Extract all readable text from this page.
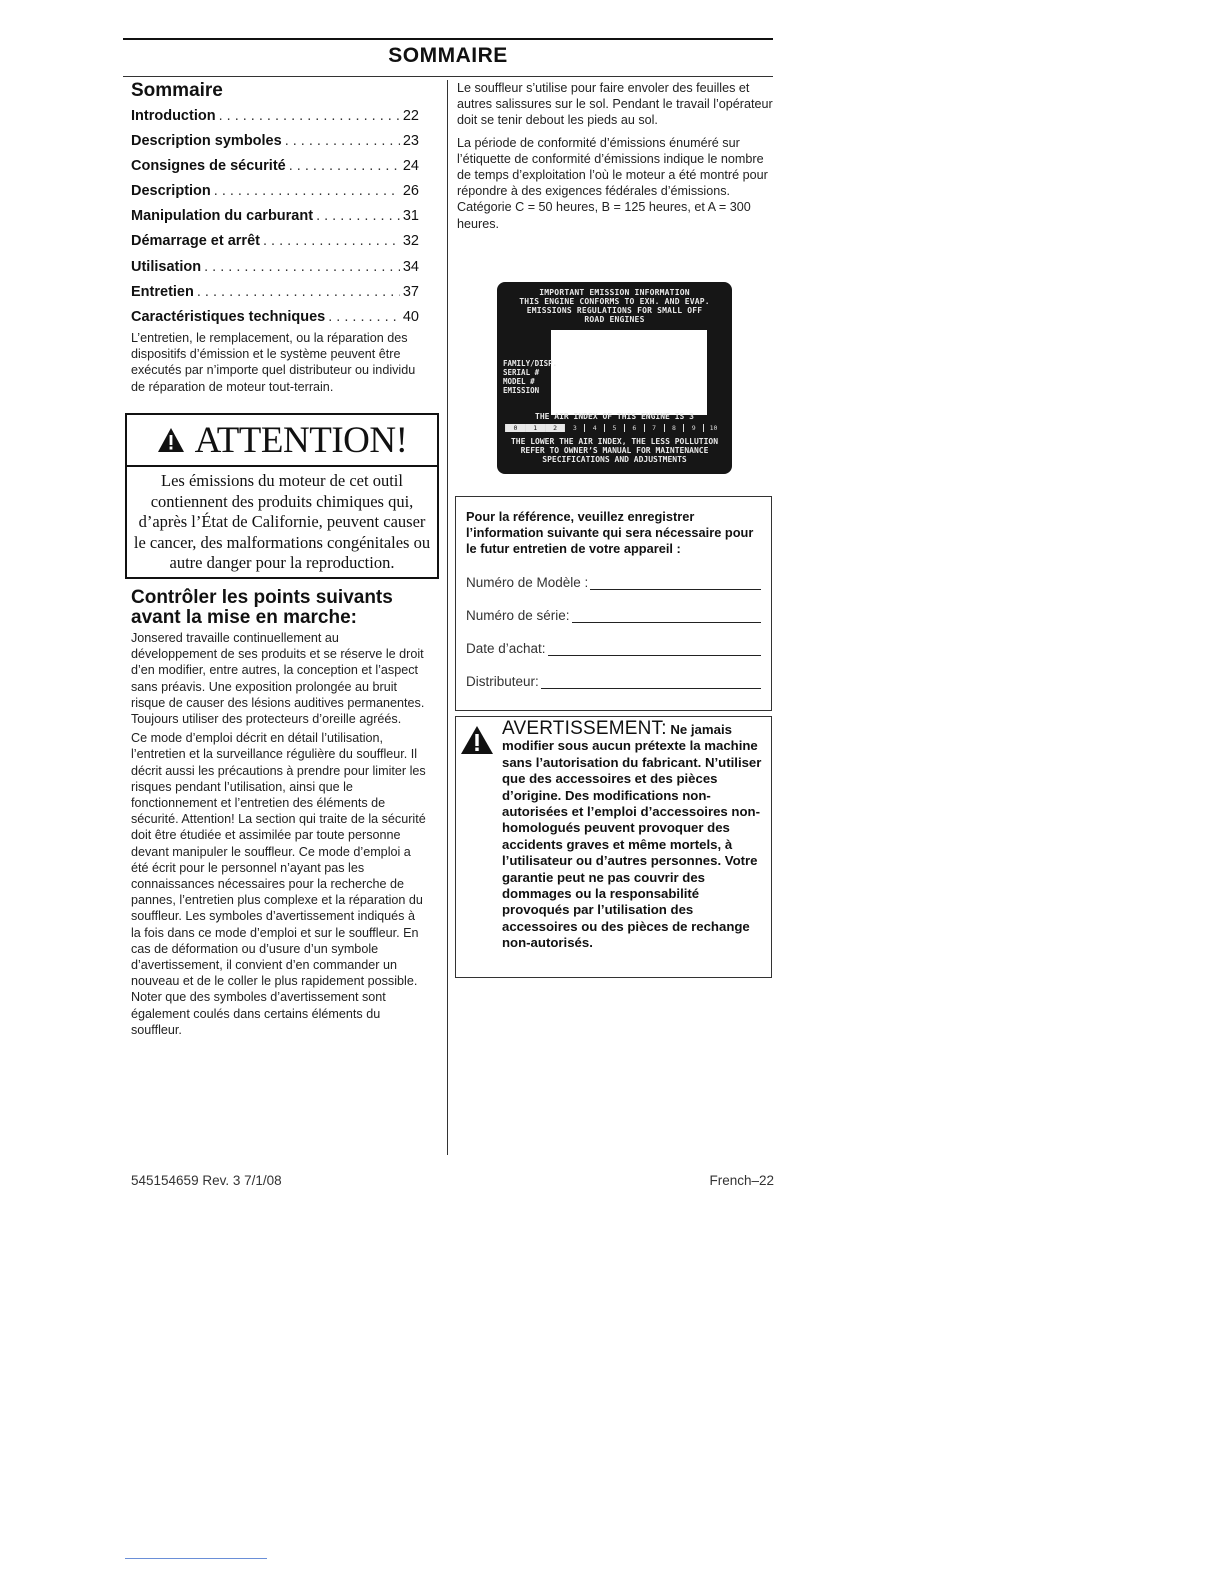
SOMMAIRE
Sommaire
Introduction . . .	22
Description symboles . . .	23
Consignes de sécurité . . .	24
Description . . .	26
Manipulation du carburant . . .	31
Démarrage et arrêt . . .	32
Utilisation . . .	34
Entretien . . .	37
Caractéristiques techniques . . .	40
L’entretien, le remplacement, ou la réparation des dispositifs d’émission et le système peuvent être exécutés par n’importe quel distributeur ou individu de réparation de moteur tout-terrain.
ATTENTION!
Les émissions du moteur de cet outil contiennent des produits chimiques qui, d’après l’État de Californie, peuvent causer le cancer, des malformations congénitales ou autre danger pour la reproduction.
Contrôler les points suivants avant la mise en marche:

Jonsered travaille continuellement au développement de ses produits et se réserve le droit d’en modifier, entre autres, la conception et l’aspect sans préavis. Une exposition prolongée au bruit risque de causer des lésions auditives permanentes. Toujours utiliser des protecteurs d’oreille agréés.

Ce mode d’emploi décrit en détail l’utilisation, l’entretien et la surveillance régulière du souffleur. Il décrit aussi les précautions à prendre pour limiter les risques pendant l’utilisation, ainsi que le fonctionnement et l’entretien des éléments de sécurité. Attention! La section qui traite de la sécurité doit être étudiée et assimilée par toute personne devant manipuler le souffleur. Ce mode d’emploi a été écrit pour le personnel n’ayant pas les connaissances nécessaires pour la recherche de pannes, l’entretien plus complexe et la réparation du souffleur. Les symboles d’avertissement indiqués à la fois dans ce mode d’emploi et sur le souffleur. En cas de déformation ou d’usure d’un symbole d’avertissement, il convient d’en commander un nouveau et de le coller le plus rapidement possible. Noter que des symboles d’avertissement sont également coulés dans certains éléments du souffleur.

Le souffleur s’utilise pour faire envoler des feuilles et autres salissures sur le sol. Pendant le travail l’opérateur doit se tenir debout les pieds au sol.

La période de conformité d’émissions énuméré sur l’étiquette de conformité d’émissions indique le nombre de temps d’exploitation l’où le moteur a été montré pour répondre à des exigences fédérales d’émissions. Catégorie C = 50 heures, B = 125 heures, et A = 300 heures.

IMPORTANT EMISSION INFORMATION
THIS ENGINE CONFORMS TO EXH. AND EVAP.
EMISSIONS REGULATIONS FOR SMALL OFF
ROAD ENGINES
FAMILY/DISP.
SERIAL #
MODEL #
EMISSION
THE AIR INDEX OF THIS ENGINE IS 3
0	1	2	3	4	5	6	7	8	9	10
THE LOWER THE AIR INDEX, THE LESS POLLUTION
REFER TO OWNER’S MANUAL FOR MAINTENANCE
SPECIFICATIONS AND ADJUSTMENTS
Pour la référence, veuillez enregistrer l’information suivante qui sera nécessaire pour le futur entretien de votre appareil :
Numéro de Modèle :
Numéro de série:
Date d’achat:
Distributeur:
AVERTISSEMENT: Ne jamais modifier sous aucun prétexte la machine sans l’autorisation du fabricant. N’utiliser que des accessoires et des pièces d’origine. Des modifications non-autorisées et l’emploi d’accessoires non-homologués peuvent provoquer des accidents graves et même mortels, à l’utilisateur ou d’autres personnes. Votre garantie peut ne pas couvrir des dommages ou la responsabilité provoqués par l’utilisation des accessoires ou des pièces de rechange non-autorisés.
545154659 Rev. 3 7/1/08	French–22
